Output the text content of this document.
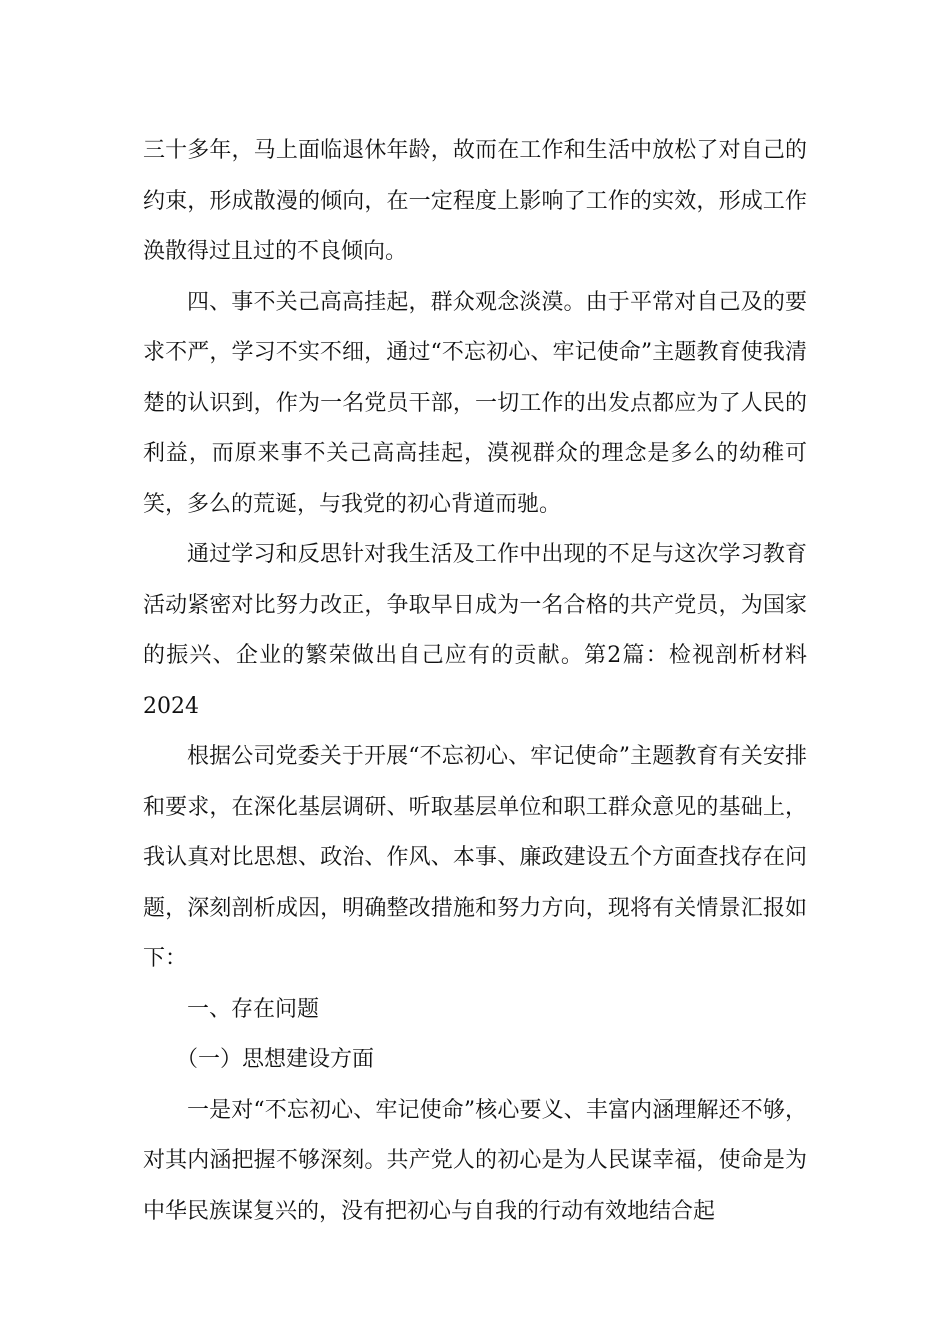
三十多年，马上面临退休年龄，故而在工作和生活中放松了对自己的约束，形成散漫的倾向，在一定程度上影响了工作的实效，形成工作涣散得过且过的不良倾向。

四、事不关己高高挂起，群众观念淡漠。由于平常对自己及的要求不严，学习不实不细，通过“不忘初心、牢记使命”主题教育使我清楚的认识到，作为一名党员干部，一切工作的出发点都应为了人民的利益，而原来事不关己高高挂起，漠视群众的理念是多么的幼稚可笑，多么的荒诞，与我党的初心背道而驰。

通过学习和反思针对我生活及工作中出现的不足与这次学习教育活动紧密对比努力改正，争取早日成为一名合格的共产党员，为国家的振兴、企业的繁荣做出自己应有的贡献。第2篇：检视剖析材料2024

根据公司党委关于开展“不忘初心、牢记使命”主题教育有关安排和要求，在深化基层调研、听取基层单位和职工群众意见的基础上，我认真对比思想、政治、作风、本事、廉政建设五个方面查找存在问题，深刻剖析成因，明确整改措施和努力方向，现将有关情景汇报如下：

一、存在问题

（一）思想建设方面

一是对“不忘初心、牢记使命”核心要义、丰富内涵理解还不够，对其内涵把握不够深刻。共产党人的初心是为人民谋幸福，使命是为中华民族谋复兴的，没有把初心与自我的行动有效地结合起
